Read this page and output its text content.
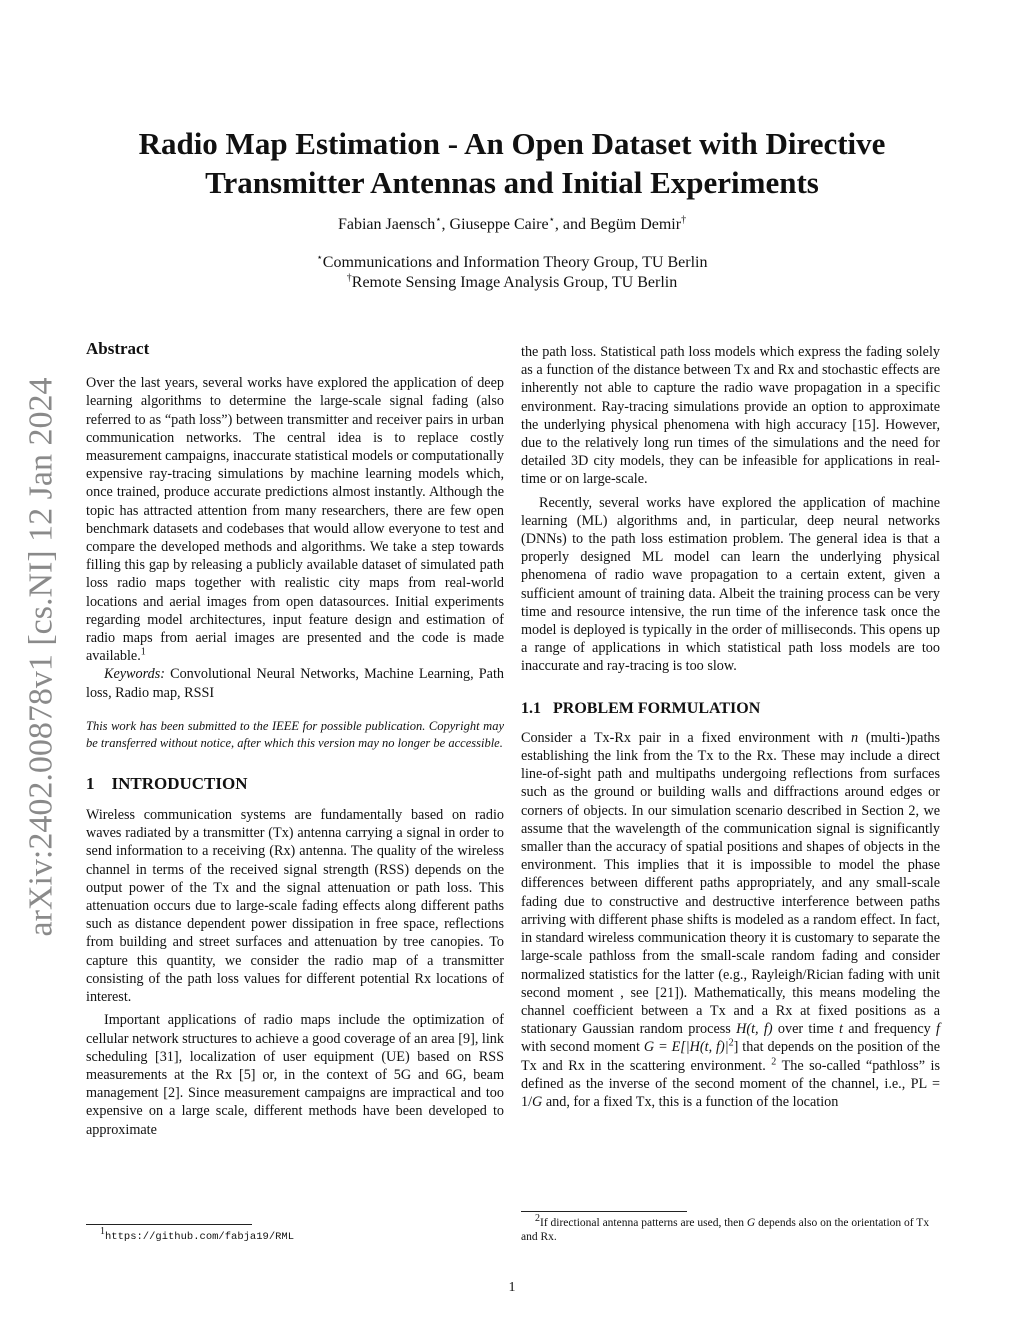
arXiv:2402.00878v1 [cs.NI] 12 Jan 2024
Radio Map Estimation - An Open Dataset with Directive
Transmitter Antennas and Initial Experiments
Fabian Jaensch⋆, Giuseppe Caire⋆, and Begüm Demir†
⋆Communications and Information Theory Group, TU Berlin
†Remote Sensing Image Analysis Group, TU Berlin

Abstract

Over the last years, several works have explored the application of deep learning algorithms to determine the large-scale signal fading (also referred to as “path loss”) between transmitter and receiver pairs in urban communication networks. The central idea is to replace costly measurement campaigns, inaccurate statistical models or computationally expensive ray-tracing simulations by machine learning models which, once trained, produce accurate predictions almost instantly. Although the topic has attracted attention from many researchers, there are few open benchmark datasets and codebases that would allow everyone to test and compare the developed methods and algorithms. We take a step towards filling this gap by releasing a publicly available dataset of simulated path loss radio maps together with realistic city maps from real-world locations and aerial images from open datasources. Initial experiments regarding model architectures, input feature design and estimation of radio maps from aerial images are presented and the code is made available.$^1$

Keywords: Convolutional Neural Networks, Machine Learning, Path loss, Radio map, RSSI

This work has been submitted to the IEEE for possible publication. Copyright may be transferred without notice, after which this version may no longer be accessible.

1 INTRODUCTION

Wireless communication systems are fundamentally based on radio waves radiated by a transmitter (Tx) antenna carrying a signal in order to send information to a receiving (Rx) antenna. The quality of the wireless channel in terms of the received signal strength (RSS) depends on the output power of the Tx and the signal attenuation or path loss. This attenuation occurs due to large-scale fading effects along different paths such as distance dependent power dissipation in free space, reflections from building and street surfaces and attenuation by tree canopies. To capture this quantity, we consider the radio map of a transmitter consisting of the path loss values for different potential Rx locations of interest.

Important applications of radio maps include the optimization of cellular network structures to achieve a good coverage of an area [9], link scheduling [31], localization of user equipment (UE) based on RSS measurements at the Rx [5] or, in the context of 5G and 6G, beam management [2]. Since measurement campaigns are impractical and too expensive on a large scale, different methods have been developed to approximate

the path loss. Statistical path loss models which express the fading solely as a function of the distance between Tx and Rx and stochastic effects are inherently not able to capture the radio wave propagation in a specific environment. Ray-tracing simulations provide an option to approximate the underlying physical phenomena with high accuracy [15]. However, due to the relatively long run times of the simulations and the need for detailed 3D city models, they can be infeasible for applications in real-time or on large-scale.

Recently, several works have explored the application of machine learning (ML) algorithms and, in particular, deep neural networks (DNNs) to the path loss estimation problem. The general idea is that a properly designed ML model can learn the underlying physical phenomena of radio wave propagation to a certain extent, given a sufficient amount of training data. Albeit the training process can be very time and resource intensive, the run time of the inference task once the model is deployed is typically in the order of milliseconds. This opens up a range of applications in which statistical path loss models are too inaccurate and ray-tracing is too slow.

1.1 PROBLEM FORMULATION

Consider a Tx-Rx pair in a fixed environment with n (multi-)paths establishing the link from the Tx to the Rx. These may include a direct line-of-sight path and multipaths undergoing reflections from surfaces such as the ground or building walls and diffractions around edges or corners of objects. In our simulation scenario described in Section 2, we assume that the wavelength of the communication signal is significantly smaller than the accuracy of spatial positions and shapes of objects in the environment. This implies that it is impossible to model the phase differences between different paths appropriately, and any small-scale fading due to constructive and destructive interference between paths arriving with different phase shifts is modeled as a random effect. In fact, in standard wireless communication theory it is customary to separate the large-scale pathloss from the small-scale random fading and consider normalized statistics for the latter (e.g., Rayleigh/Rician fading with unit second moment , see [21]). Mathematically, this means modeling the channel coefficient between a Tx and a Rx at fixed positions as a stationary Gaussian random process H(t, f) over time t and frequency f with second moment G = E[|H(t, $f)|^2$] that depends on the position of the Tx and Rx in the scattering environment. $^2$ The so-called “pathloss” is defined as the inverse of the second moment of the channel, i.e., PL = 1/G and, for a fixed Tx, this is a function of the location

$^1$https://github.com/fabja19/RML
$^2$If directional antenna patterns are used, then G depends also on the orientation of Tx and Rx.
1
